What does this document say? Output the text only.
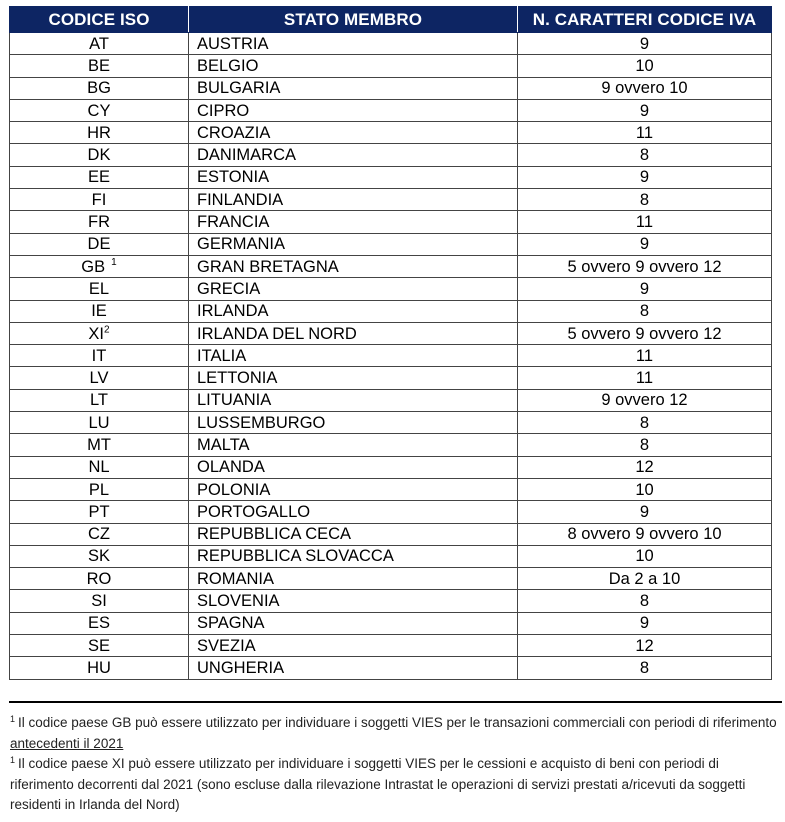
CODICE ISO	STATO MEMBRO	N. CARATTERI CODICE IVA
AT	AUSTRIA	9
BE	BELGIO	10
BG	BULGARIA	9 ovvero 10
CY	CIPRO	9
HR	CROAZIA	11
DK	DANIMARCA	8
EE	ESTONIA	9
FI	FINLANDIA	8
FR	FRANCIA	11
DE	GERMANIA	9
GB $^1$	GRAN BRETAGNA	5 ovvero 9 ovvero 12
EL	GRECIA	9
IE	IRLANDA	8
$XI^2$	IRLANDA DEL NORD	5 ovvero 9 ovvero 12
IT	ITALIA	11
LV	LETTONIA	11
LT	LITUANIA	9 ovvero 12
LU	LUSSEMBURGO	8
MT	MALTA	8
NL	OLANDA	12
PL	POLONIA	10
PT	PORTOGALLO	9
CZ	REPUBBLICA CECA	8 ovvero 9 ovvero 10
SK	REPUBBLICA SLOVACCA	10
RO	ROMANIA	Da 2 a 10
SI	SLOVENIA	8
ES	SPAGNA	9
SE	SVEZIA	12
HU	UNGHERIA	8

$^1$ Il codice paese GB può essere utilizzato per individuare i soggetti VIES per le transazioni commerciali con periodi di riferimento antecedenti il 2021

$^1$ Il codice paese XI può essere utilizzato per individuare i soggetti VIES per le cessioni e acquisto di beni con periodi di riferimento decorrenti dal 2021 (sono escluse dalla rilevazione Intrastat le operazioni di servizi prestati a/ricevuti da soggetti residenti in Irlanda del Nord)
